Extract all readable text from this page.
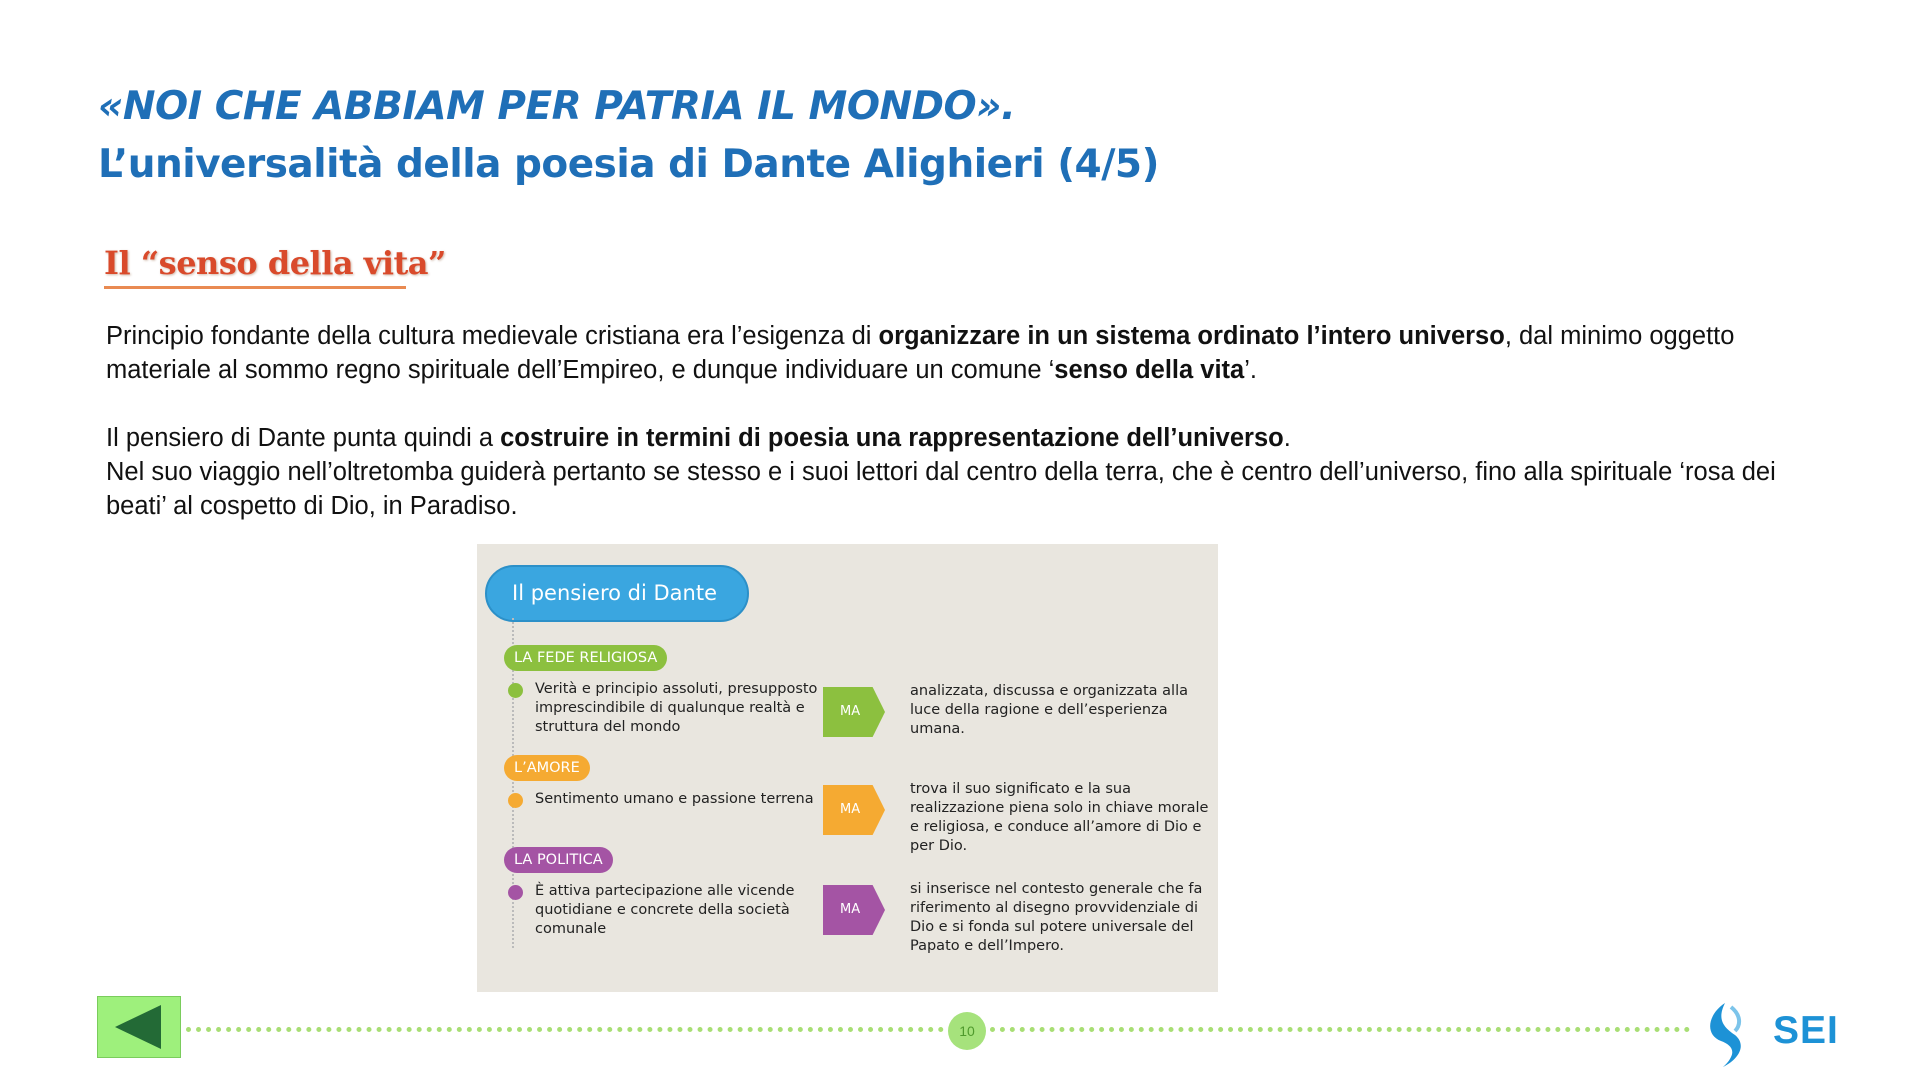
«NOI CHE ABBIAM PER PATRIA IL MONDO».
L’universalità della poesia di Dante Alighieri (4/5)
Il “senso della vita”

Principio fondante della cultura medievale cristiana era l’esigenza di organizzare in un sistema ordinato l’intero universo, dal minimo oggetto materiale al sommo regno spirituale dell’Empireo, e dunque individuare un comune ‘senso della vita’.

Il pensiero di Dante punta quindi a costruire in termini di poesia una rappresentazione dell’universo.

Nel suo viaggio nell’oltretomba guiderà pertanto se stesso e i suoi lettori dal centro della terra, che è centro dell’universo, fino alla spirituale ‘rosa dei beati’ al cospetto di Dio, in Paradiso.

Il pensiero di Dante
LA FEDE RELIGIOSA
Verità e principio assoluti, presupposto imprescindibile di qualunque realtà e struttura del mondo
MA
analizzata, discussa e organizzata alla luce della ragione e dell’esperienza umana.
L’AMORE
Sentimento umano e passione terrena
MA
trova il suo significato e la sua realizzazione piena solo in chiave morale e religiosa, e conduce all’amore di Dio e per Dio.
LA POLITICA
È attiva partecipazione alle vicende quotidiane e concrete della società comunale
MA
si inserisce nel contesto generale che fa riferimento al disegno provvidenziale di Dio e si fonda sul potere universale del Papato e dell’Impero.
10	SEI
